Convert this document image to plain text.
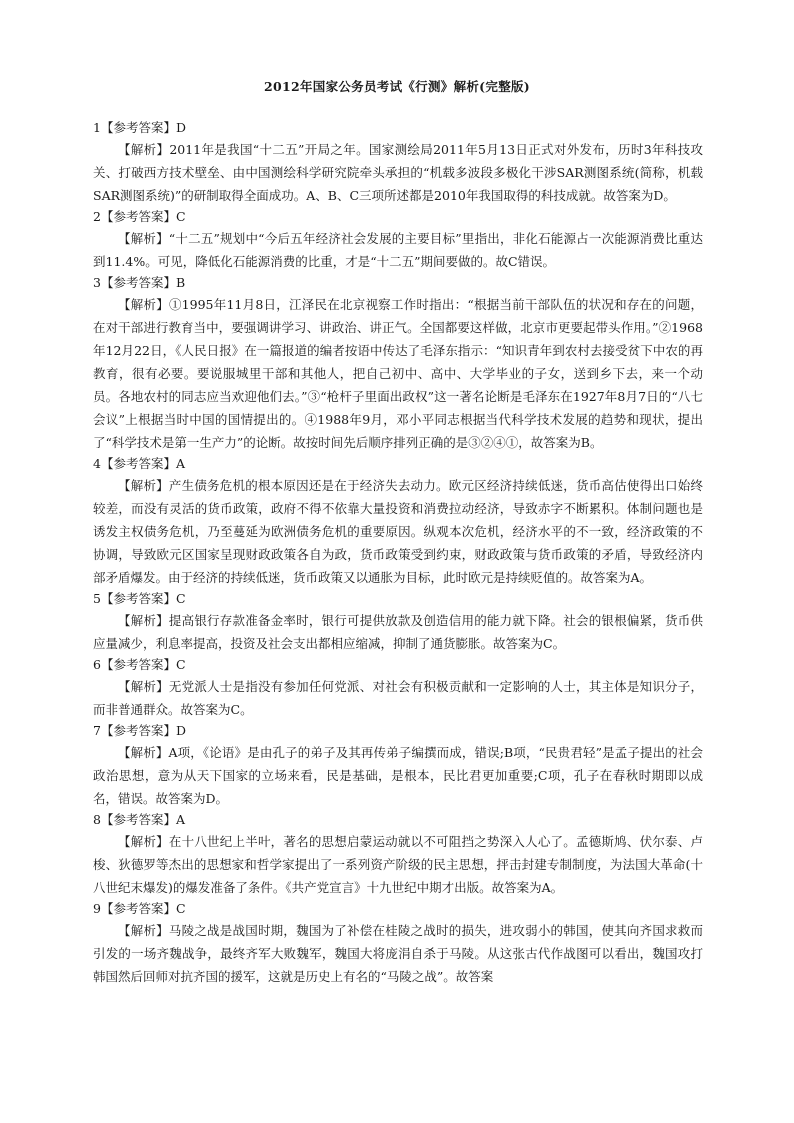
2012年国家公务员考试《行测》解析(完整版)
1【参考答案】D

【解析】2011年是我国“十二五”开局之年。国家测绘局2011年5月13日正式对外发布，历时3年科技攻关、打破西方技术壁垒、由中国测绘科学研究院牵头承担的“机载多波段多极化干涉SAR测图系统(简称，机载SAR测图系统)”的研制取得全面成功。A、B、C三项所述都是2010年我国取得的科技成就。故答案为D。

2【参考答案】C

【解析】“十二五”规划中“今后五年经济社会发展的主要目标”里指出，非化石能源占一次能源消费比重达到11.4%。可见，降低化石能源消费的比重，才是“十二五”期间要做的。故C错误。

3【参考答案】B

【解析】①1995年11月8日，江泽民在北京视察工作时指出：“根据当前干部队伍的状况和存在的问题，在对干部进行教育当中，要强调讲学习、讲政治、讲正气。全国都要这样做，北京市更要起带头作用。”②1968年12月22日，《人民日报》在一篇报道的编者按语中传达了毛泽东指示：“知识青年到农村去接受贫下中农的再教育，很有必要。要说服城里干部和其他人，把自己初中、高中、大学毕业的子女，送到乡下去，来一个动员。各地农村的同志应当欢迎他们去。”③“枪杆子里面出政权”这一著名论断是毛泽东在1927年8月7日的“八七会议”上根据当时中国的国情提出的。④1988年9月，邓小平同志根据当代科学技术发展的趋势和现状，提出了“科学技术是第一生产力”的论断。故按时间先后顺序排列正确的是③②④①，故答案为B。

4【参考答案】A

【解析】产生债务危机的根本原因还是在于经济失去动力。欧元区经济持续低迷，货币高估使得出口始终较差，而没有灵活的货币政策，政府不得不依靠大量投资和消费拉动经济，导致赤字不断累积。体制问题也是诱发主权债务危机，乃至蔓延为欧洲债务危机的重要原因。纵观本次危机，经济水平的不一致，经济政策的不协调，导致欧元区国家呈现财政政策各自为政，货币政策受到约束，财政政策与货币政策的矛盾，导致经济内部矛盾爆发。由于经济的持续低迷，货币政策又以通胀为目标，此时欧元是持续贬值的。故答案为A。

5【参考答案】C

【解析】提高银行存款准备金率时，银行可提供放款及创造信用的能力就下降。社会的银根偏紧，货币供应量减少，利息率提高，投资及社会支出都相应缩减，抑制了通货膨胀。故答案为C。

6【参考答案】C

【解析】无党派人士是指没有参加任何党派、对社会有积极贡献和一定影响的人士，其主体是知识分子，而非普通群众。故答案为C。

7【参考答案】D

【解析】A项，《论语》是由孔子的弟子及其再传弟子编撰而成，错误;B项，“民贵君轻”是孟子提出的社会政治思想，意为从天下国家的立场来看，民是基础，是根本，民比君更加重要;C项，孔子在春秋时期即以成名，错误。故答案为D。

8【参考答案】A

【解析】在十八世纪上半叶，著名的思想启蒙运动就以不可阻挡之势深入人心了。孟德斯鸠、伏尔泰、卢梭、狄德罗等杰出的思想家和哲学家提出了一系列资产阶级的民主思想，抨击封建专制制度，为法国大革命(十八世纪末爆发)的爆发准备了条件。《共产党宣言》十九世纪中期才出版。故答案为A。

9【参考答案】C

【解析】马陵之战是战国时期，魏国为了补偿在桂陵之战时的损失，进攻弱小的韩国，使其向齐国求救而引发的一场齐魏战争，最终齐军大败魏军，魏国大将庞涓自杀于马陵。从这张古代作战图可以看出，魏国攻打韩国然后回师对抗齐国的援军，这就是历史上有名的“马陵之战”。故答案
